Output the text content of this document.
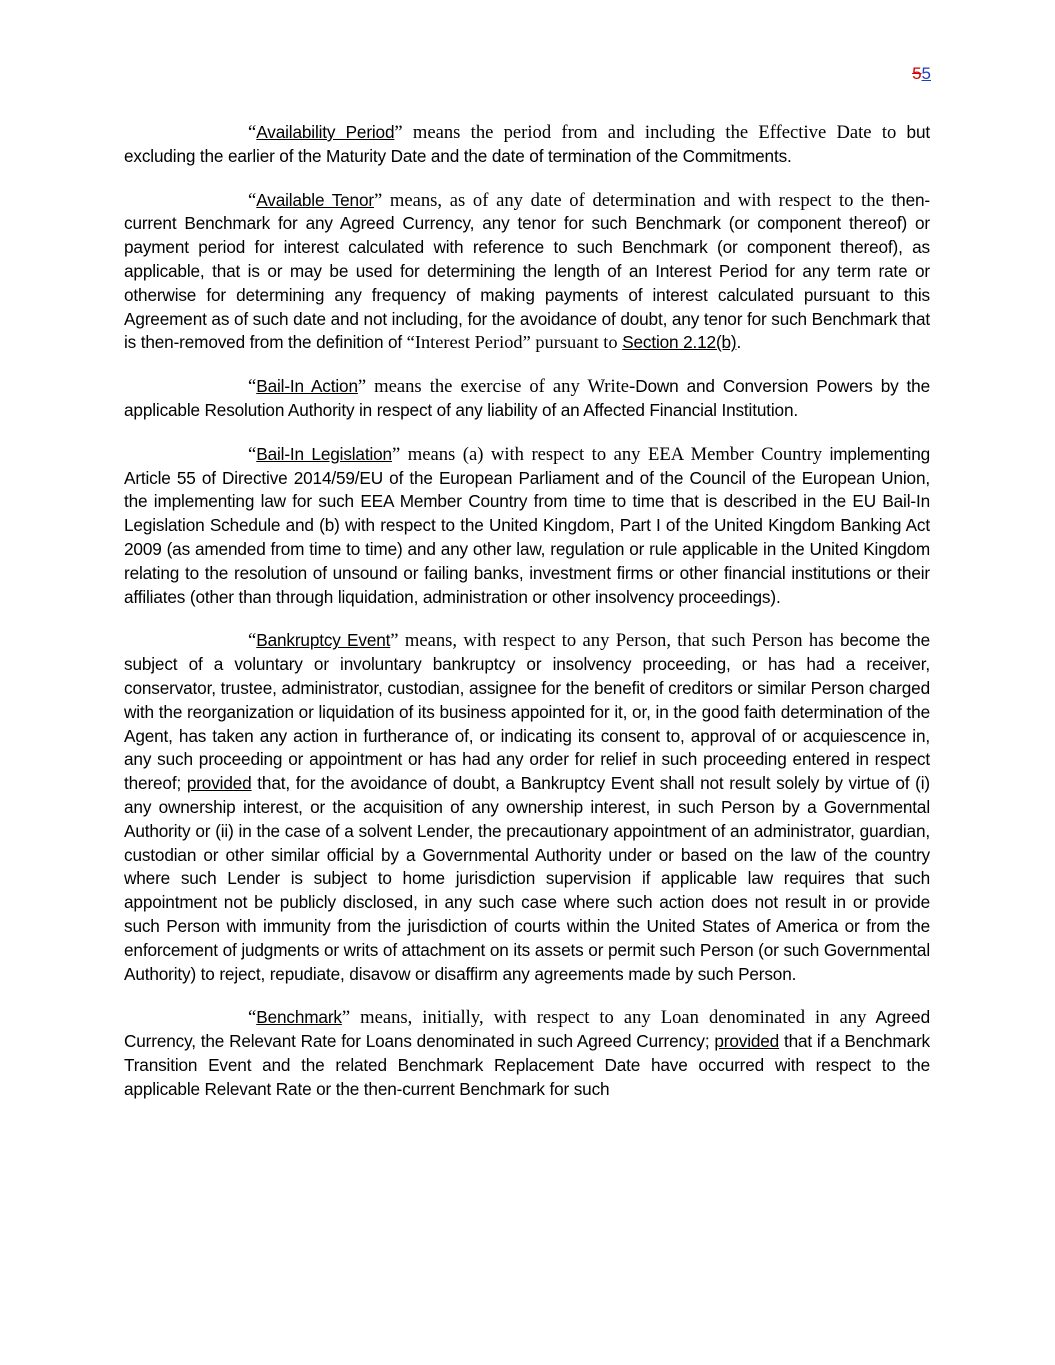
55

“Availability Period” means the period from and including the Effective Date to but excluding the earlier of the Maturity Date and the date of termination of the Commitments.

“Available Tenor” means, as of any date of determination and with respect to the then-current Benchmark for any Agreed Currency, any tenor for such Benchmark (or component thereof) or payment period for interest calculated with reference to such Benchmark (or component thereof), as applicable, that is or may be used for determining the length of an Interest Period for any term rate or otherwise for determining any frequency of making payments of interest calculated pursuant to this Agreement as of such date and not including, for the avoidance of doubt, any tenor for such Benchmark that is then-removed from the definition of “Interest Period” pursuant to Section 2.12(b).

“Bail-In Action” means the exercise of any Write-Down and Conversion Powers by the applicable Resolution Authority in respect of any liability of an Affected Financial Institution.

“Bail-In Legislation” means (a) with respect to any EEA Member Country implementing Article 55 of Directive 2014/59/EU of the European Parliament and of the Council of the European Union, the implementing law for such EEA Member Country from time to time that is described in the EU Bail-In Legislation Schedule and (b) with respect to the United Kingdom, Part I of the United Kingdom Banking Act 2009 (as amended from time to time) and any other law, regulation or rule applicable in the United Kingdom relating to the resolution of unsound or failing banks, investment firms or other financial institutions or their affiliates (other than through liquidation, administration or other insolvency proceedings).

“Bankruptcy Event” means, with respect to any Person, that such Person has become the subject of a voluntary or involuntary bankruptcy or insolvency proceeding, or has had a receiver, conservator, trustee, administrator, custodian, assignee for the benefit of creditors or similar Person charged with the reorganization or liquidation of its business appointed for it, or, in the good faith determination of the Agent, has taken any action in furtherance of, or indicating its consent to, approval of or acquiescence in, any such proceeding or appointment or has had any order for relief in such proceeding entered in respect thereof; provided that, for the avoidance of doubt, a Bankruptcy Event shall not result solely by virtue of (i) any ownership interest, or the acquisition of any ownership interest, in such Person by a Governmental Authority or (ii) in the case of a solvent Lender, the precautionary appointment of an administrator, guardian, custodian or other similar official by a Governmental Authority under or based on the law of the country where such Lender is subject to home jurisdiction supervision if applicable law requires that such appointment not be publicly disclosed, in any such case where such action does not result in or provide such Person with immunity from the jurisdiction of courts within the United States of America or from the enforcement of judgments or writs of attachment on its assets or permit such Person (or such Governmental Authority) to reject, repudiate, disavow or disaffirm any agreements made by such Person.

“Benchmark” means, initially, with respect to any Loan denominated in any Agreed Currency, the Relevant Rate for Loans denominated in such Agreed Currency; provided that if a Benchmark Transition Event and the related Benchmark Replacement Date have occurred with respect to the applicable Relevant Rate or the then-current Benchmark for such
